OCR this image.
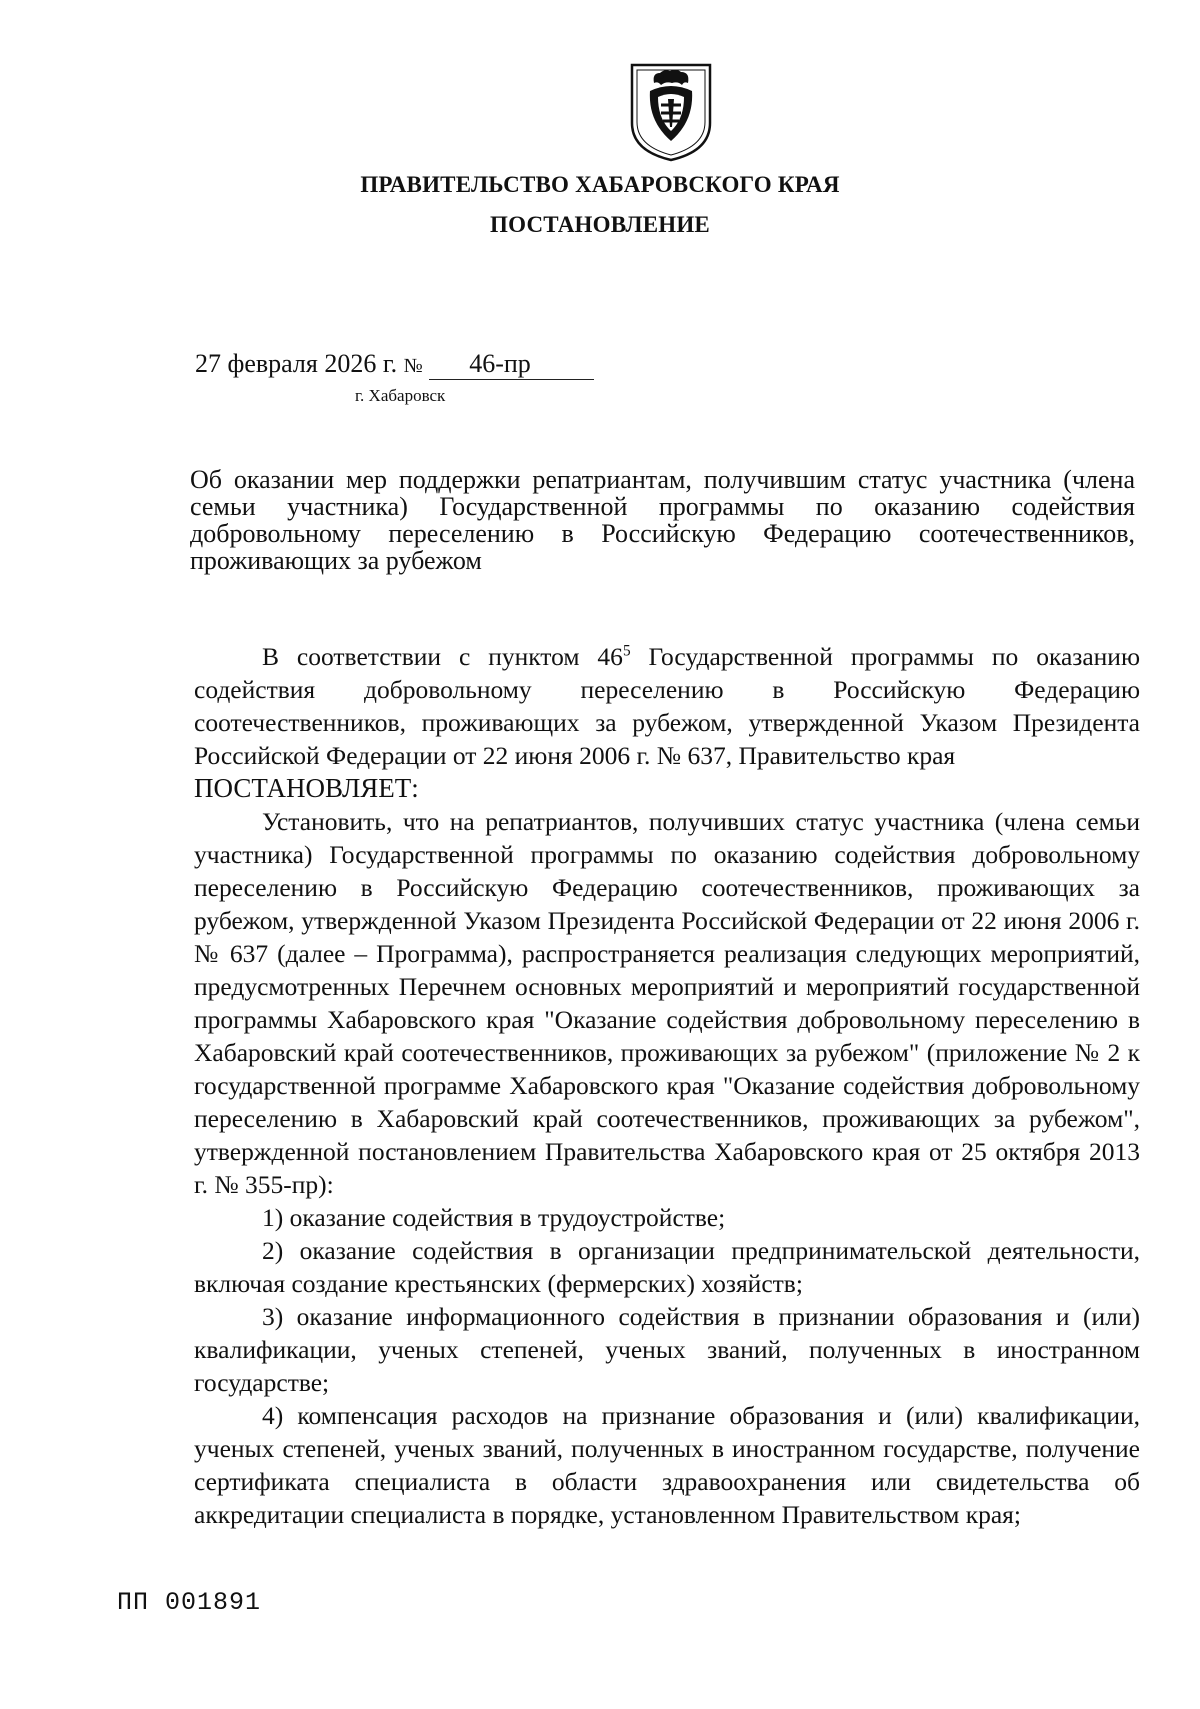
ПРАВИТЕЛЬСТВО ХАБАРОВСКОГО КРАЯ
ПОСТАНОВЛЕНИЕ
27 февраля 2026 г. № 46-пр
г. Хабаровск
Об оказании мер поддержки репатриантам, получившим статус участника (члена семьи участника) Государственной программы по оказанию содействия добровольному переселению в Российскую Федерацию соотечественников, проживающих за рубежом

В соответствии с пунктом $46^5$ Государственной программы по оказанию содействия добровольному переселению в Российскую Федерацию соотечественников, проживающих за рубежом, утвержденной Указом Президента Российской Федерации от 22 июня 2006 г. № 637, Правительство края

ПОСТАНОВЛЯЕТ:

Установить, что на репатриантов, получивших статус участника (члена семьи участника) Государственной программы по оказанию содействия добровольному переселению в Российскую Федерацию соотечественников, проживающих за рубежом, утвержденной Указом Президента Российской Федерации от 22 июня 2006 г. № 637 (далее – Программа), распространяется реализация следующих мероприятий, предусмотренных Перечнем основных мероприятий и мероприятий государственной программы Хабаровского края "Оказание содействия добровольному переселению в Хабаровский край соотечественников, проживающих за рубежом" (приложение № 2 к государственной программе Хабаровского края "Оказание содействия добровольному переселению в Хабаровский край соотечественников, проживающих за рубежом", утвержденной постановлением Правительства Хабаровского края от 25 октября 2013 г. № 355-пр):

1) оказание содействия в трудоустройстве;

2) оказание содействия в организации предпринимательской деятельности, включая создание крестьянских (фермерских) хозяйств;

3) оказание информационного содействия в признании образования и (или) квалификации, ученых степеней, ученых званий, полученных в иностранном государстве;

4) компенсация расходов на признание образования и (или) квалификации, ученых степеней, ученых званий, полученных в иностранном государстве, получение сертификата специалиста в области здравоохранения или свидетельства об аккредитации специалиста в порядке, установленном Правительством края;

ПП 001891
